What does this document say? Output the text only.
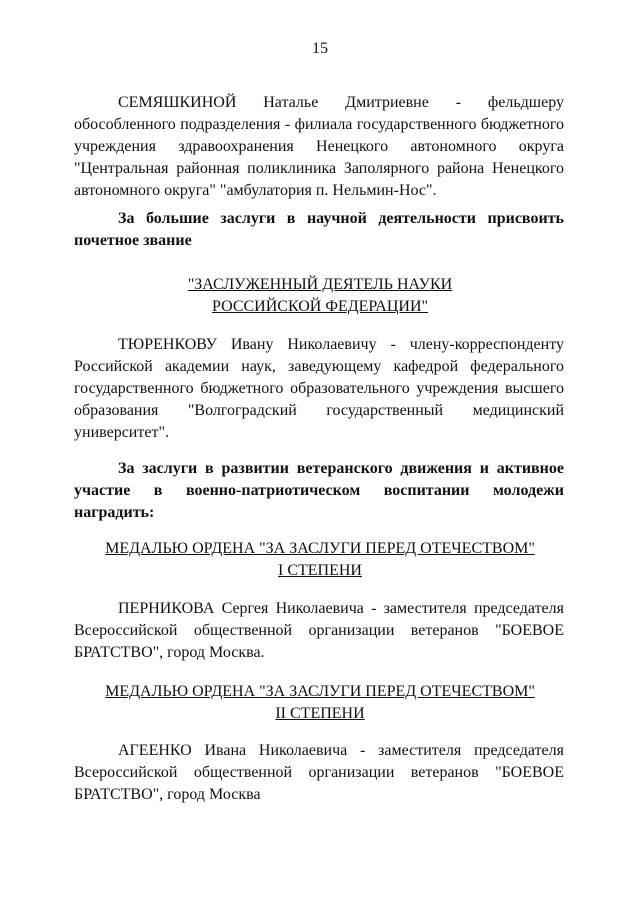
15
СЕМЯШКИНОЙ Наталье Дмитриевне - фельдшеру обособленного подразделения - филиала государственного бюджетного учреждения здравоохранения Ненецкого автономного округа "Центральная районная поликлиника Заполярного района Ненецкого автономного округа" "амбулатория п. Нельмин-Нос".
За большие заслуги в научной деятельности присвоить почетное звание
"ЗАСЛУЖЕННЫЙ ДЕЯТЕЛЬ НАУКИ
РОССИЙСКОЙ ФЕДЕРАЦИИ"
ТЮРЕНКОВУ Ивану Николаевичу - члену-корреспонденту Российской академии наук, заведующему кафедрой федерального государственного бюджетного образовательного учреждения высшего образования "Волгоградский государственный медицинский университет".
За заслуги в развитии ветеранского движения и активное участие в военно-патриотическом воспитании молодежи наградить:
МЕДАЛЬЮ ОРДЕНА "ЗА ЗАСЛУГИ ПЕРЕД ОТЕЧЕСТВОМ"
I СТЕПЕНИ
ПЕРНИКОВА Сергея Николаевича - заместителя председателя Всероссийской общественной организации ветеранов "БОЕВОЕ БРАТСТВО", город Москва.
МЕДАЛЬЮ ОРДЕНА "ЗА ЗАСЛУГИ ПЕРЕД ОТЕЧЕСТВОМ"
II СТЕПЕНИ
АГЕЕНКО Ивана Николаевича - заместителя председателя Всероссийской общественной организации ветеранов "БОЕВОЕ БРАТСТВО", город Москва
